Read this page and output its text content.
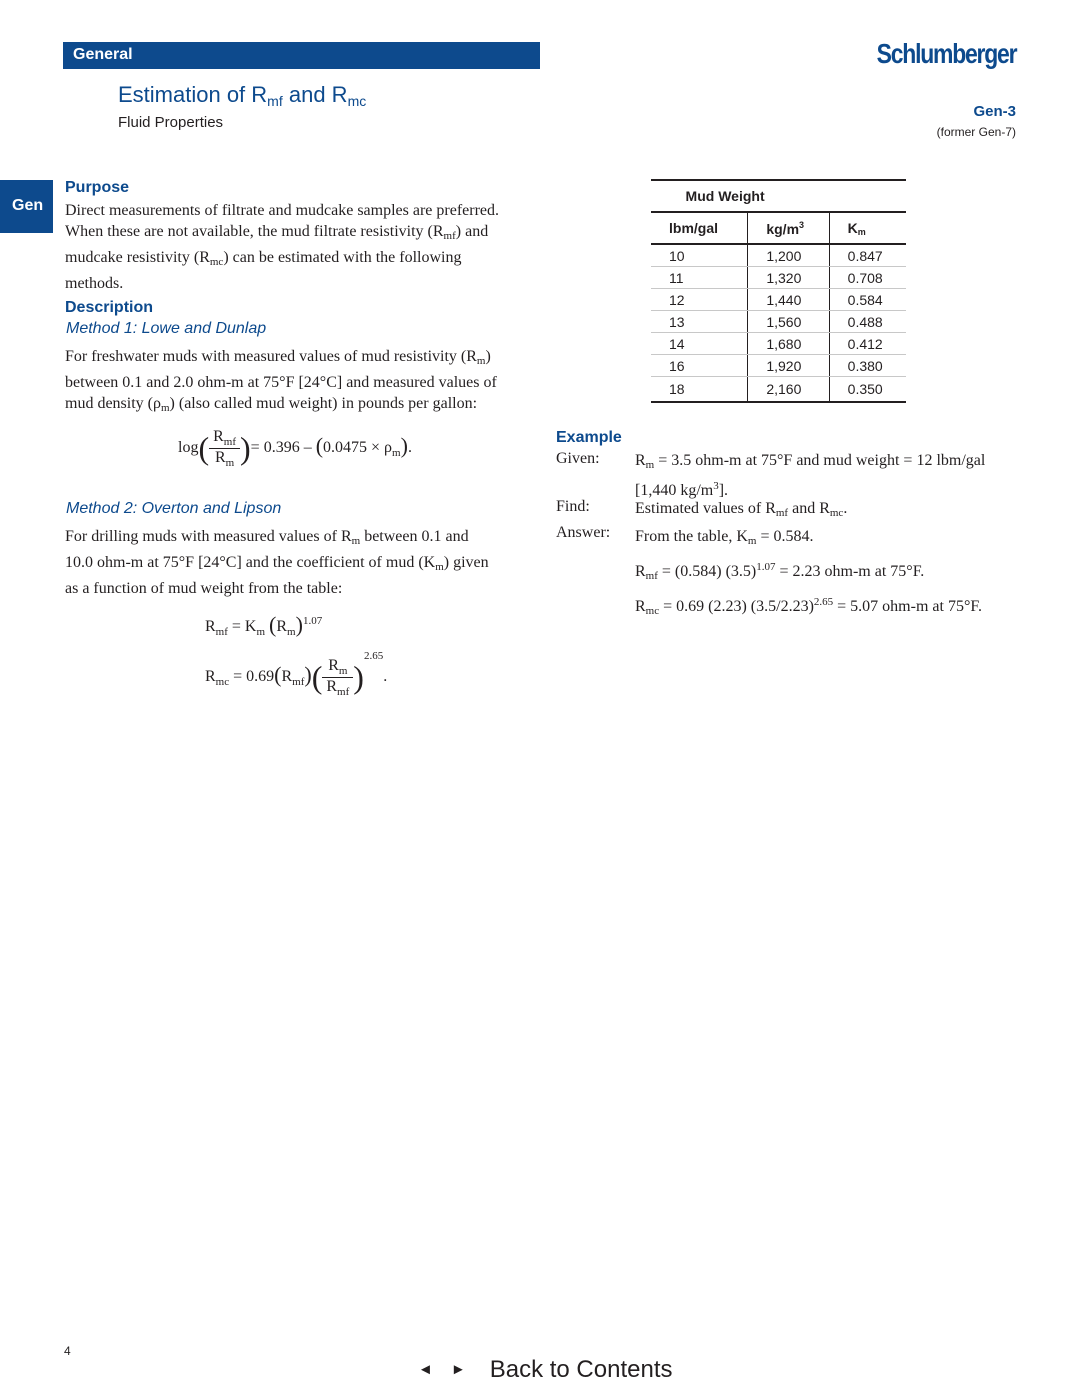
General	Schlumberger
Estimation of $R_{mf}$ and $R_{mc}$
Fluid Properties
Gen-3
(former Gen-7)
Gen
Purpose
Direct measurements of filtrate and mudcake samples are preferred.
When these are not available, the mud filtrate resistivity $(R_{mf})$ and
mudcake resistivity $(R_{mc})$ can be estimated with the following
methods.
Description
Method 1: Lowe and Dunlap
For freshwater muds with measured values of mud resistivity $(R_m)$
between 0.1 and 2.0 ohm-m at 75°F [24°C] and measured values of
mud density $(\rho_m)$ (also called mud weight) in pounds per gallon:
$\log( \frac{R_{mf}}{R_m}$ )= $0.396 - (0.0475 \times \rho_m)$.
Method 2: Overton and Lipson
For drilling muds with measured values of $R_m$ between 0.1 and
10.0 ohm-m at 75°F [24°C] and the coefficient of mud $(K_m)$ given
as a function of mud weight from the table:
$R_{mf} = K_m$ $(R_m)^{1.07}$
$R_{mc} = 0.69(R_{mf})( \frac{R_m}{R_{mf}} )^{2.65}$.
Mud Weight		
lbm/gal	$kg/m^3$	$K_m$
10	1,200	0.847
11	1,320	0.708
12	1,440	0.584
13	1,560	0.488
14	1,680	0.412
16	1,920	0.380
18	2,160	0.350
Example
Given: $R_m = 3.5$ ohm-m at 75°F and mud weight = 12 lbm/gal
[1,440 $kg/m^3$].
Find:	Estimated values of $R_{mf}$ and $R_{mc}$.
Answer: From the table, $K_m = 0.584$.
$R_{mf} = (0.584) (3.5)^{1.07} = 2.23$ ohm-m at 75°F.
$R_{mc} = 0.69$ (2.23) $(3.5/2.23)^{2.65} = 5.07$ ohm-m at 75°F.
4
◄ ► Back to Contents
